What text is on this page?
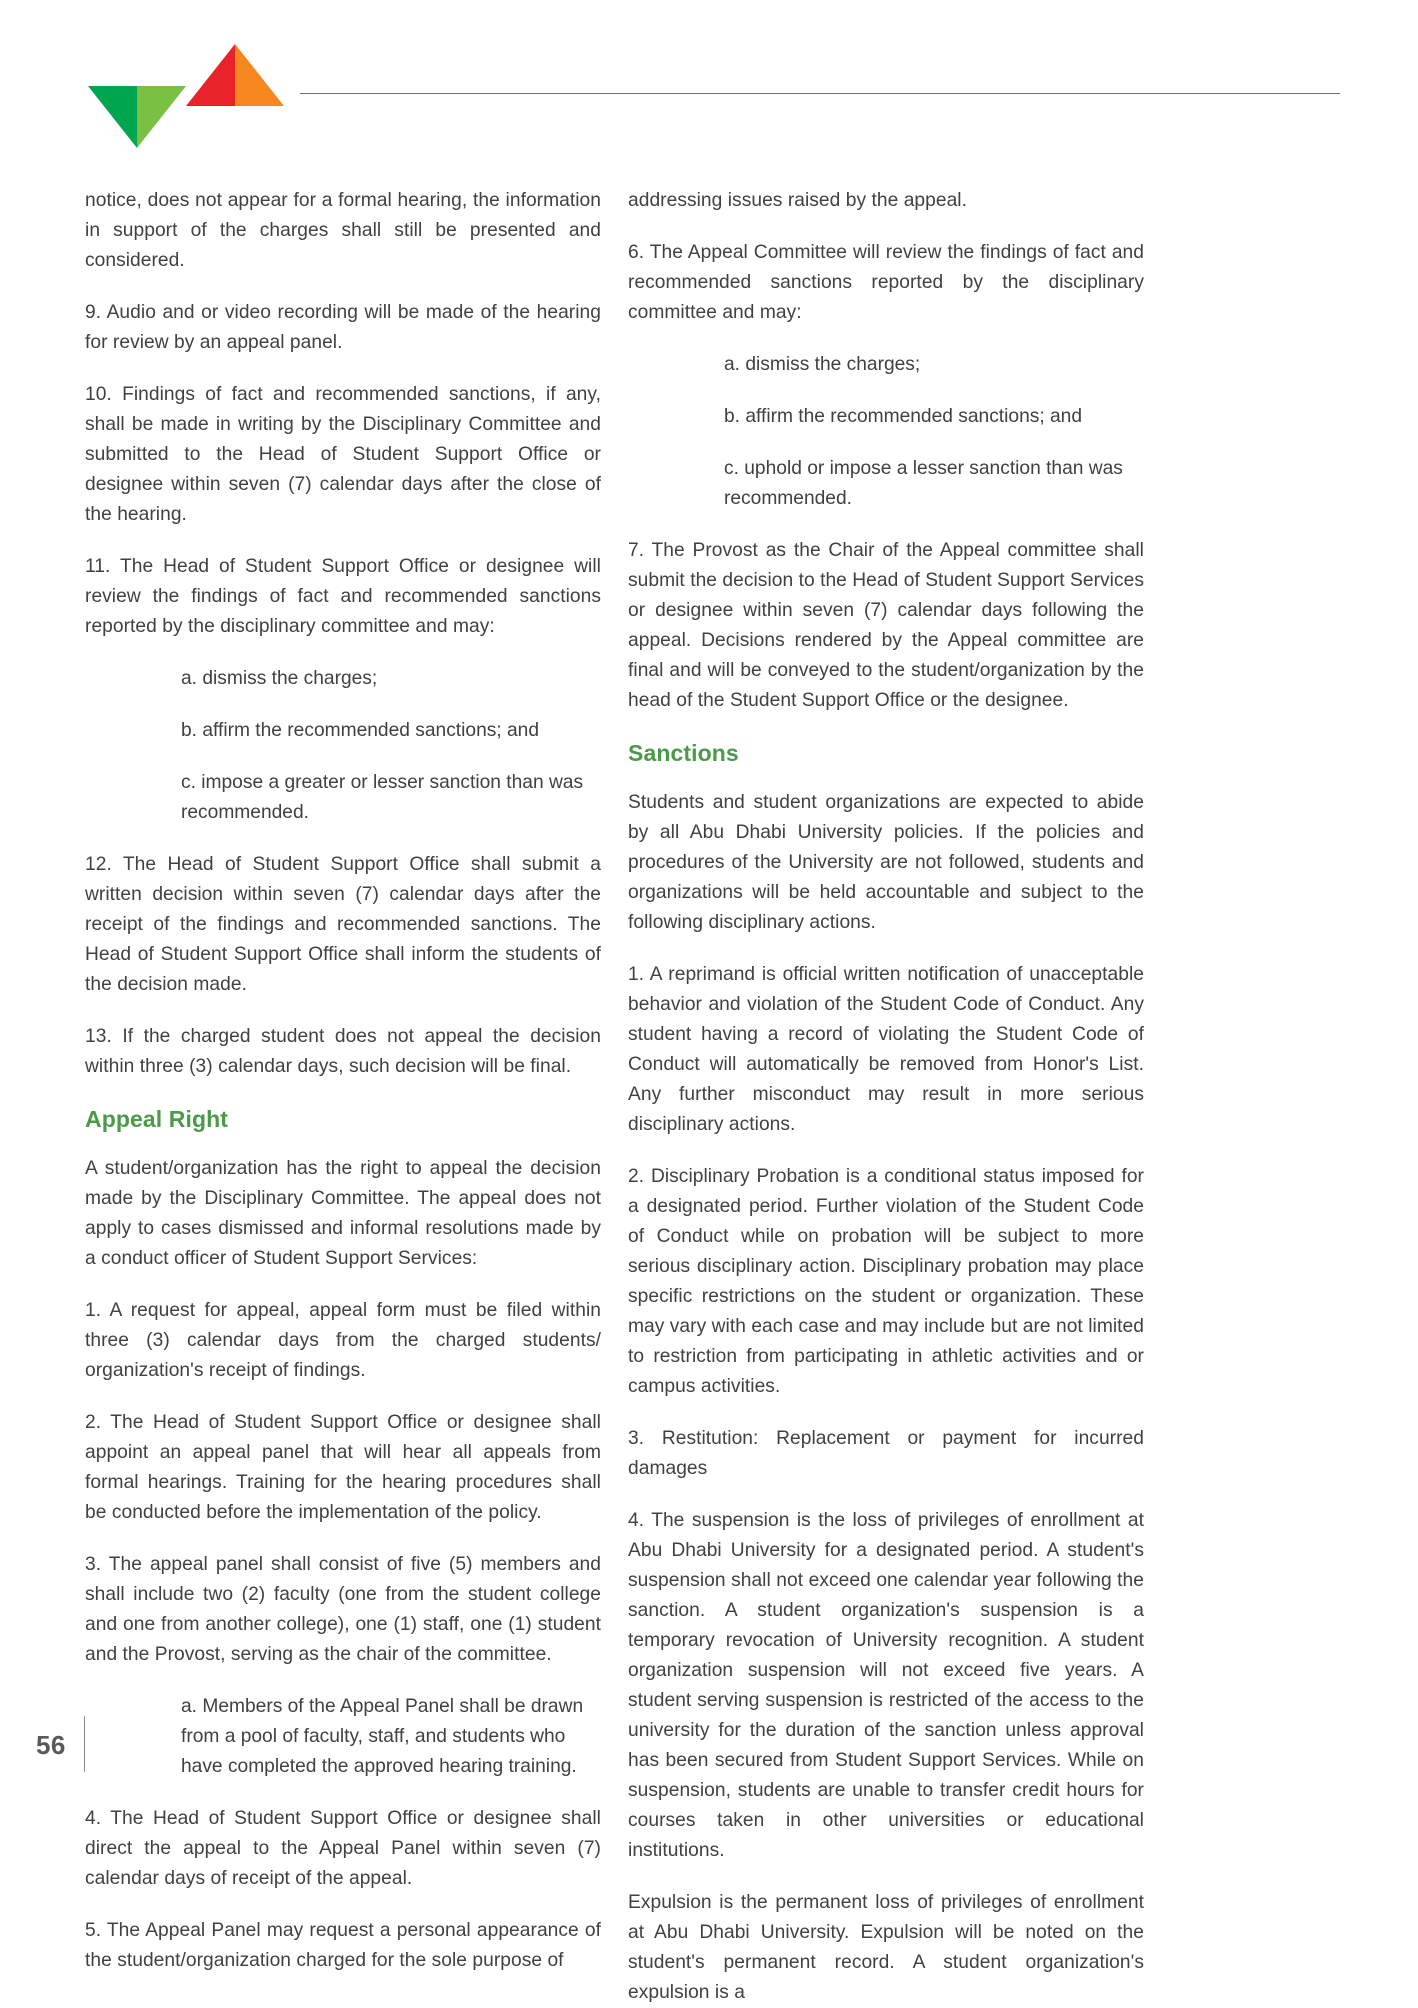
notice, does not appear for a formal hearing, the information in support of the charges shall still be presented and considered.

9. Audio and or video recording will be made of the hearing for review by an appeal panel.

10. Findings of fact and recommended sanctions, if any, shall be made in writing by the Disciplinary Committee and submitted to the Head of Student Support Office or designee within seven (7) calendar days after the close of the hearing.

11. The Head of Student Support Office or designee will review the findings of fact and recommended sanctions reported by the disciplinary committee and may:

a. dismiss the charges;

b. affirm the recommended sanctions; and

c. impose a greater or lesser sanction than was recommended.

12. The Head of Student Support Office shall submit a written decision within seven (7) calendar days after the receipt of the findings and recommended sanctions. The Head of Student Support Office shall inform the students of the decision made.

13. If the charged student does not appeal the decision within three (3) calendar days, such decision will be final.

Appeal Right

A student/organization has the right to appeal the decision made by the Disciplinary Committee. The appeal does not apply to cases dismissed and informal resolutions made by a conduct officer of Student Support Services:

1. A request for appeal, appeal form must be filed within three (3) calendar days from the charged students/ organization's receipt of findings.

2. The Head of Student Support Office or designee shall appoint an appeal panel that will hear all appeals from formal hearings. Training for the hearing procedures shall be conducted before the implementation of the policy.

3. The appeal panel shall consist of five (5) members and shall include two (2) faculty (one from the student college and one from another college), one (1) staff, one (1) student and the Provost, serving as the chair of the committee.

a. Members of the Appeal Panel shall be drawn from a pool of faculty, staff, and students who have completed the approved hearing training.

4. The Head of Student Support Office or designee shall direct the appeal to the Appeal Panel within seven (7) calendar days of receipt of the appeal.

5. The Appeal Panel may request a personal appearance of the student/organization charged for the sole purpose of

addressing issues raised by the appeal.

6. The Appeal Committee will review the findings of fact and recommended sanctions reported by the disciplinary committee and may:

a. dismiss the charges;

b. affirm the recommended sanctions; and

c. uphold or impose a lesser sanction than was recommended.

7. The Provost as the Chair of the Appeal committee shall submit the decision to the Head of Student Support Services or designee within seven (7) calendar days following the appeal. Decisions rendered by the Appeal committee are final and will be conveyed to the student/organization by the head of the Student Support Office or the designee.

Sanctions

Students and student organizations are expected to abide by all Abu Dhabi University policies. If the policies and procedures of the University are not followed, students and organizations will be held accountable and subject to the following disciplinary actions.

1. A reprimand is official written notification of unacceptable behavior and violation of the Student Code of Conduct. Any student having a record of violating the Student Code of Conduct will automatically be removed from Honor's List. Any further misconduct may result in more serious disciplinary actions.

2. Disciplinary Probation is a conditional status imposed for a designated period. Further violation of the Student Code of Conduct while on probation will be subject to more serious disciplinary action. Disciplinary probation may place specific restrictions on the student or organization. These may vary with each case and may include but are not limited to restriction from participating in athletic activities and or campus activities.

3. Restitution: Replacement or payment for incurred damages

4. The suspension is the loss of privileges of enrollment at Abu Dhabi University for a designated period. A student's suspension shall not exceed one calendar year following the sanction. A student organization's suspension is a temporary revocation of University recognition. A student organization suspension will not exceed five years. A student serving suspension is restricted of the access to the university for the duration of the sanction unless approval has been secured from Student Support Services. While on suspension, students are unable to transfer credit hours for courses taken in other universities or educational institutions.

Expulsion is the permanent loss of privileges of enrollment at Abu Dhabi University. Expulsion will be noted on the student's permanent record. A student organization's expulsion is a

56
